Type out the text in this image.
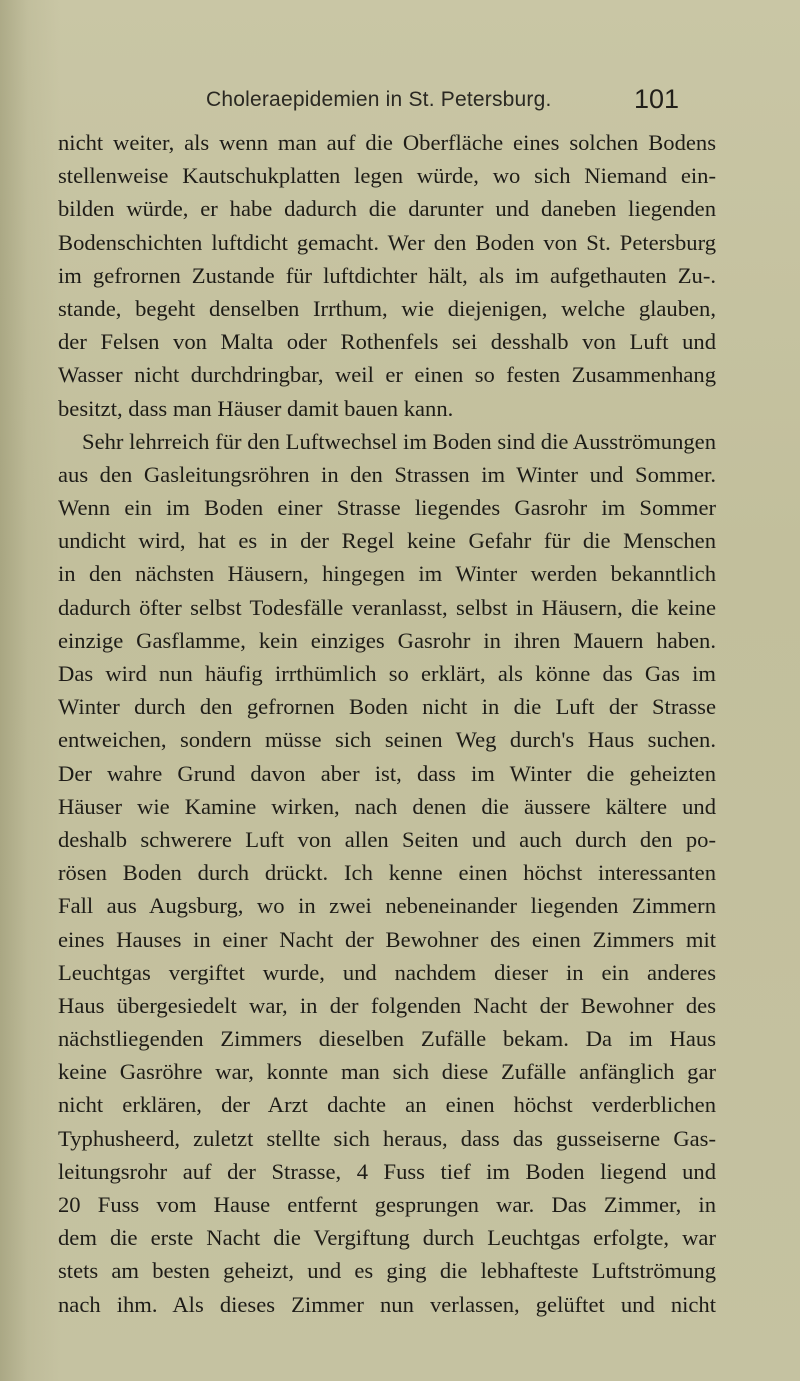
Choleraepidemien in St. Petersburg.	101
nicht weiter, als wenn man auf die Oberfläche eines solchen Bodens
stellenweise Kautschukplatten legen würde, wo sich Niemand ein-
bilden würde, er habe dadurch die darunter und daneben liegenden
Bodenschichten luftdicht gemacht. Wer den Boden von St. Petersburg
im gefrornen Zustande für luftdichter hält, als im aufgethauten Zu-.
stande, begeht denselben Irrthum, wie diejenigen, welche glauben,
der Felsen von Malta oder Rothenfels sei desshalb von Luft und
Wasser nicht durchdringbar, weil er einen so festen Zusammenhang
besitzt, dass man Häuser damit bauen kann.
Sehr lehrreich für den Luftwechsel im Boden sind die Ausströmungen
aus den Gasleitungsröhren in den Strassen im Winter und Sommer.
Wenn ein im Boden einer Strasse liegendes Gasrohr im Sommer
undicht wird, hat es in der Regel keine Gefahr für die Menschen
in den nächsten Häusern, hingegen im Winter werden bekanntlich
dadurch öfter selbst Todesfälle veranlasst, selbst in Häusern, die keine
einzige Gasflamme, kein einziges Gasrohr in ihren Mauern haben.
Das wird nun häufig irrthümlich so erklärt, als könne das Gas im
Winter durch den gefrornen Boden nicht in die Luft der Strasse
entweichen, sondern müsse sich seinen Weg durch's Haus suchen.
Der wahre Grund davon aber ist, dass im Winter die geheizten
Häuser wie Kamine wirken, nach denen die äussere kältere und
deshalb schwerere Luft von allen Seiten und auch durch den po-
rösen Boden durch drückt. Ich kenne einen höchst interessanten
Fall aus Augsburg, wo in zwei nebeneinander liegenden Zimmern
eines Hauses in einer Nacht der Bewohner des einen Zimmers mit
Leuchtgas vergiftet wurde, und nachdem dieser in ein anderes
Haus übergesiedelt war, in der folgenden Nacht der Bewohner des
nächstliegenden Zimmers dieselben Zufälle bekam. Da im Haus
keine Gasröhre war, konnte man sich diese Zufälle anfänglich gar
nicht erklären, der Arzt dachte an einen höchst verderblichen
Typhusheerd, zuletzt stellte sich heraus, dass das gusseiserne Gas-
leitungsrohr auf der Strasse, 4 Fuss tief im Boden liegend und
20 Fuss vom Hause entfernt gesprungen war. Das Zimmer, in
dem die erste Nacht die Vergiftung durch Leuchtgas erfolgte, war
stets am besten geheizt, und es ging die lebhafteste Luftströmung
nach ihm. Als dieses Zimmer nun verlassen, gelüftet und nicht
